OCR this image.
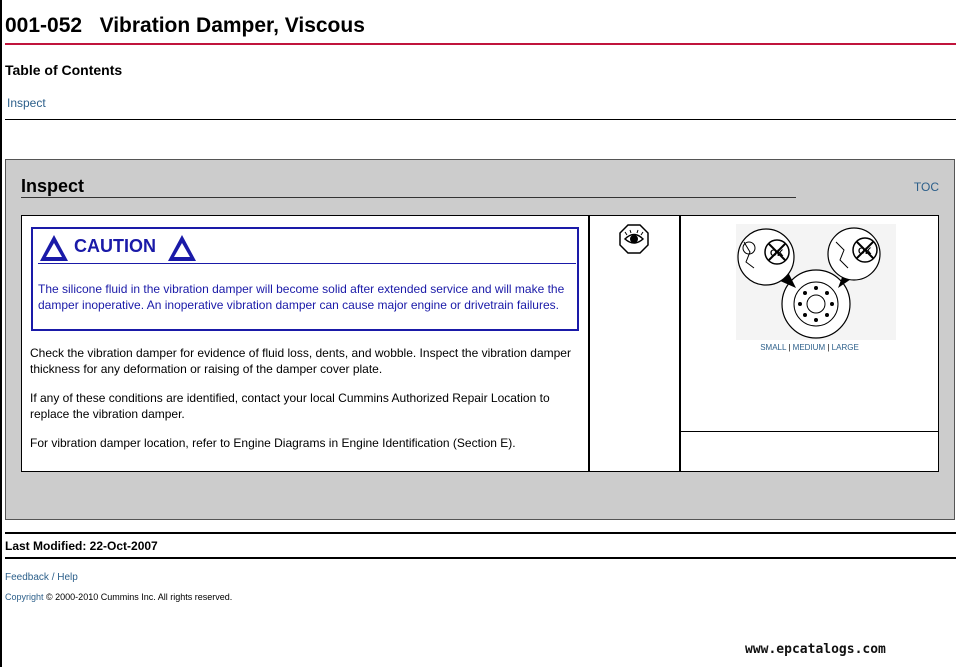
001-052   Vibration Damper, Viscous
Table of Contents
Inspect
Inspect	TOC
CAUTION
The silicone fluid in the vibration damper will become solid after extended service and will make the damper inoperative. An inoperative vibration damper can cause major engine or drivetrain failures.
Check the vibration damper for evidence of fluid loss, dents, and wobble. Inspect the vibration damper thickness for any deformation or raising of the damper cover plate.
If any of these conditions are identified, contact your local Cummins Authorized Repair Location to replace the vibration damper.
For vibration damper location, refer to Engine Diagrams in Engine Identification (Section E).
OK	OK
SMALL | MEDIUM | LARGE
Last Modified: 22-Oct-2007
Feedback / Help
Copyright © 2000-2010 Cummins Inc. All rights reserved.
www.epcatalogs.com
